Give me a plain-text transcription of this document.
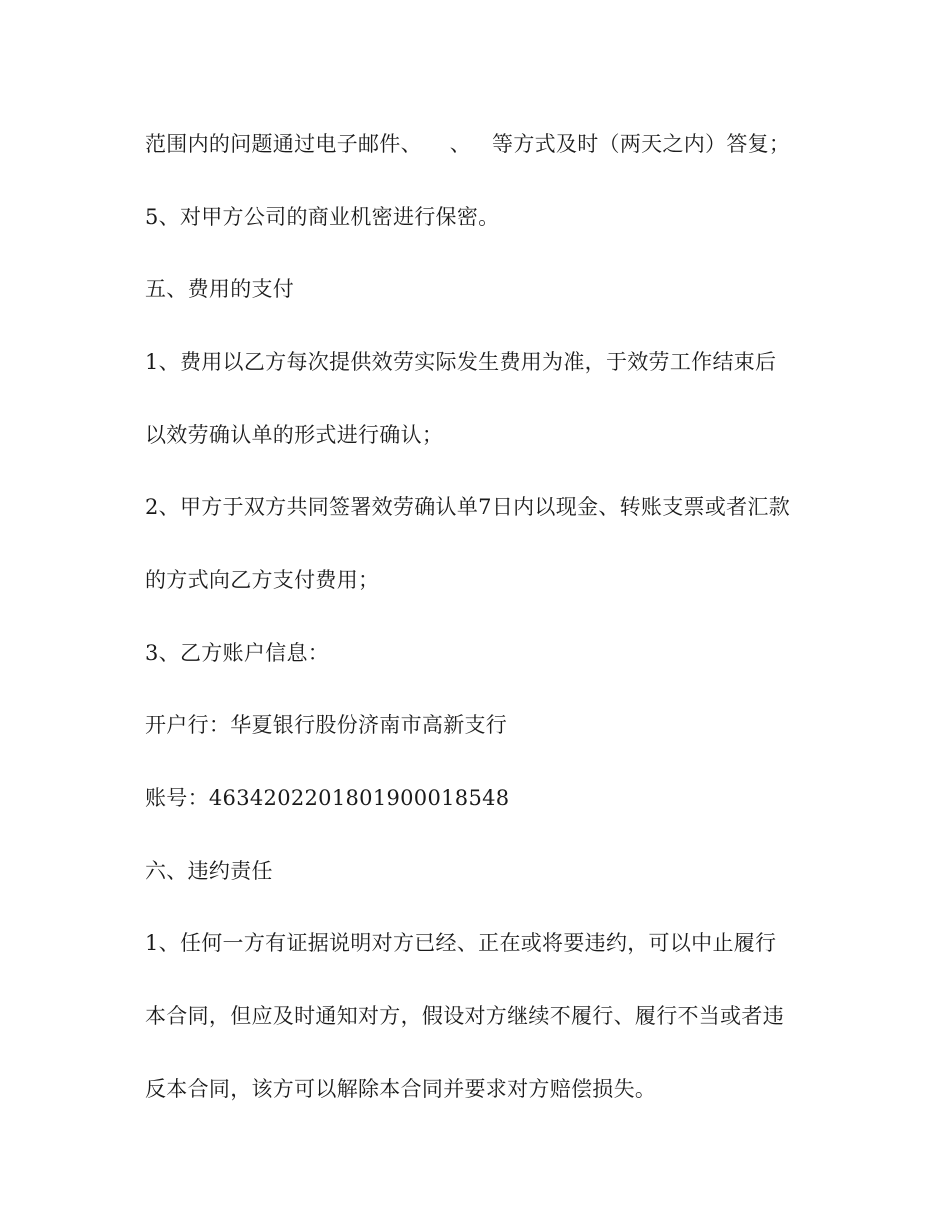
范围内的问题通过电子邮件、    、   等方式及时（两天之内）答复；

5、对甲方公司的商业机密进行保密。

五、费用的支付

1、费用以乙方每次提供效劳实际发生费用为准，于效劳工作结束后

以效劳确认单的形式进行确认；

2、甲方于双方共同签署效劳确认单7日内以现金、转账支票或者汇款

的方式向乙方支付费用；

3、乙方账户信息：

开户行：华夏银行股份济南市高新支行

账号：46342022018019000185​48

六、违约责任

1、任何一方有证据说明对方已经、正在或将要违约，可以中止履行

本合同，但应及时通知对方，假设对方继续不履行、履行不当或者违

反本合同，该方可以解除本合同并要求对方赔偿损失。
